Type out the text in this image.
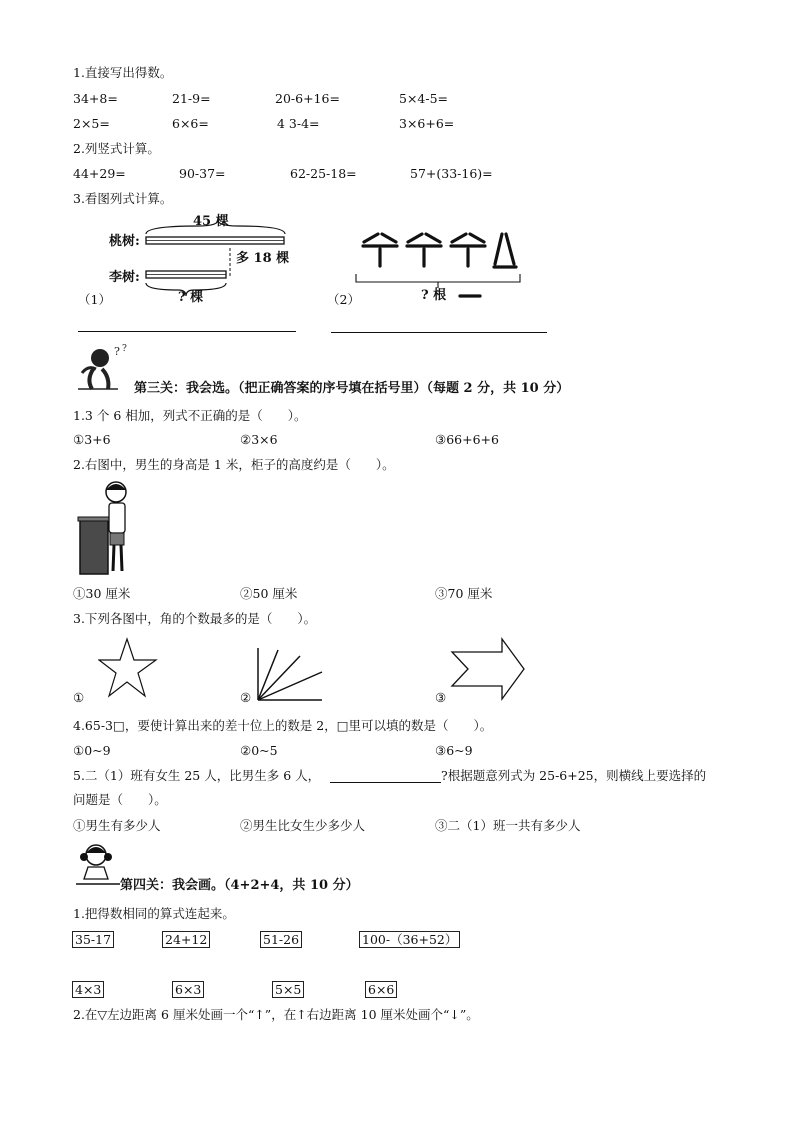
1.直接写出得数。
34+8=	21-9=	20-6+16=	5×4-5=
2×5=	6×6=	4 3-4=	3×6+6=
2.列竖式计算。
44+29=	90-37=	62-25-18=	57+(33-16)=
3.看图列式计算。
45 棵
桃树:
多 18 棵
李树:
? 棵
（1）	? 根
（2）
? ?
第三关：我会选。（把正确答案的序号填在括号里）（每题 2 分，共 10 分）
1.3 个 6 相加，列式不正确的是（　　）。
①3+6	②3×6	③66+6+6
2.右图中，男生的身高是 1 米，柜子的高度约是（　　）。
①30 厘米	②50 厘米	③70 厘米
3.下列各图中，角的个数最多的是（　　）。
①	②	③
4.65-3□，要使计算出来的差十位上的数是 2，□里可以填的数是（　　）。
①0~9	②0~5	③6~9
5.二（1）班有女生 25 人，比男生多 6 人，	?根据题意列式为 25-6+25，则横线上要选择的
问题是（　　）。
①男生有多少人	②男生比女生少多少人	③二（1）班一共有多少人
第四关：我会画。（4+2+4，共 10 分）
1.把得数相同的算式连起来。
35-17	24+12	51-26	100-（36+52）
4×3	6×3	5×5	6×6
2.在▽左边距离 6 厘米处画一个“↑”，在↑右边距离 10 厘米处画个“↓”。
